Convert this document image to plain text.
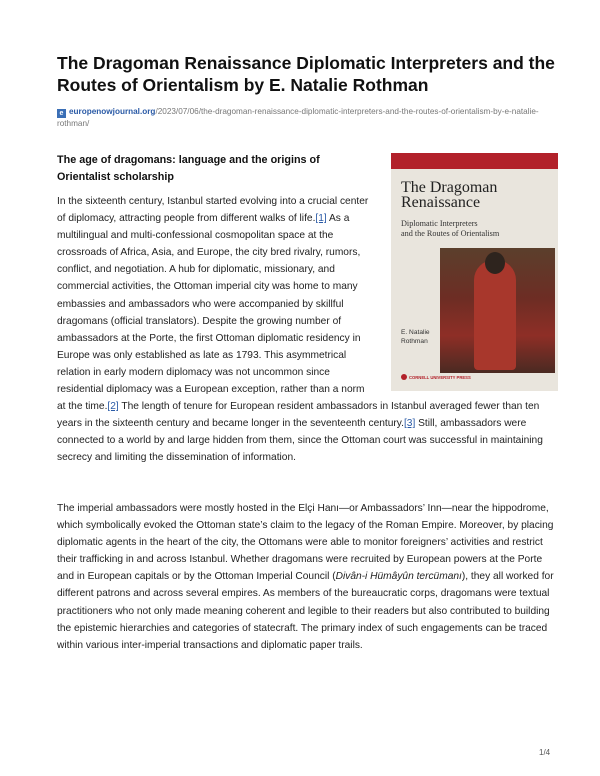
The Dragoman Renaissance Diplomatic Interpreters and the Routes of Orientalism by E. Natalie Rothman
e europenowjournal.org/2023/07/06/the-dragoman-renaissance-diplomatic-interpreters-and-the-routes-of-orientalism-by-e-natalie-rothman/
The age of dragomans: language and the origins of Orientalist scholarship
The Dragoman
Renaissance
Diplomatic Interpreters
and the Routes of Orientalism
E. Natalie
Rothman
CORNELL UNIVERSITY PRESS

In the sixteenth century, Istanbul started evolving into a crucial center of diplomacy, attracting people from different walks of life.[1] As a multilingual and multi-confessional cosmopolitan space at the crossroads of Africa, Asia, and Europe, the city bred rivalry, rumors, conflict, and negotiation. A hub for diplomatic, missionary, and commercial activities, the Ottoman imperial city was home to many embassies and ambassadors who were accompanied by skillful dragomans (official translators). Despite the growing number of ambassadors at the Porte, the first Ottoman diplomatic residency in Europe was only established as late as 1793. This asymmetrical relation in early modern diplomacy was not uncommon since residential diplomacy was a European exception, rather than a norm at the time.[2] The length of tenure for European resident ambassadors in Istanbul averaged fewer than ten years in the sixteenth century and became longer in the seventeenth century.[3] Still, ambassadors were connected to a world by and large hidden from them, since the Ottoman court was successful in maintaining secrecy and limiting the dissemination of information.

The imperial ambassadors were mostly hosted in the Elçi Hanı—or Ambassadors’ Inn—near the hippodrome, which symbolically evoked the Ottoman state’s claim to the legacy of the Roman Empire. Moreover, by placing diplomatic agents in the heart of the city, the Ottomans were able to monitor foreigners’ activities and restrict their trafficking in and across Istanbul. Whether dragomans were recruited by European powers at the Porte and in European capitals or by the Ottoman Imperial Council (Divân-i Hümâyûn tercümanı), they all worked for different patrons and across several empires. As members of the bureaucratic corps, dragomans were textual practitioners who not only made meaning coherent and legible to their readers but also contributed to building the epistemic hierarchies and categories of statecraft. The primary index of such engagements can be traced within various inter-imperial transactions and diplomatic paper trails.

1/4
